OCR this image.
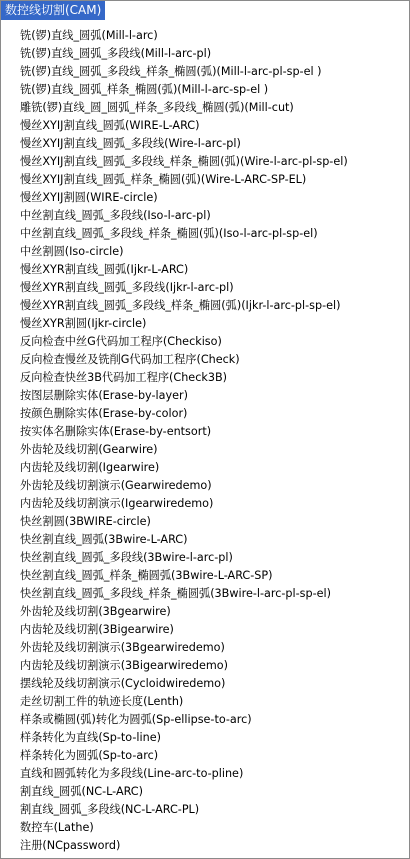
数控线切割(CAM)
铣(锣)直线_圆弧(Mill-l-arc)
铣(锣)直线_圆弧_多段线(Mill-l-arc-pl)
铣(锣)直线_圆弧_多段线_样条_椭圆(弧)(Mill-l-arc-pl-sp-el )
铣(锣)直线_圆弧_样条_椭圆(弧)(Mill-l-arc-sp-el )
雕铣(锣)直线_圆_圆弧_样条_多段线_椭圆(弧)(Mill-cut)
慢丝XYIJ割直线_圆弧(WIRE-L-ARC)
慢丝XYIJ割直线_圆弧_多段线(Wire-l-arc-pl)
慢丝XYIJ割直线_圆弧_多段线_样条_椭圆(弧)(Wire-l-arc-pl-sp-el)
慢丝XYIJ割直线_圆弧_样条_椭圆(弧)(Wire-L-ARC-SP-EL)
慢丝XYIJ割圆(WIRE-circle)
中丝割直线_圆弧_多段线(Iso-l-arc-pl)
中丝割直线_圆弧_多段线_样条_椭圆(弧)(Iso-l-arc-pl-sp-el)
中丝割圆(Iso-circle)
慢丝XYR割直线_圆弧(Ijkr-L-ARC)
慢丝XYR割直线_圆弧_多段线(Ijkr-l-arc-pl)
慢丝XYR割直线_圆弧_多段线_样条_椭圆(弧)(Ijkr-l-arc-pl-sp-el)
慢丝XYR割圆(Ijkr-circle)
反向检查中丝G代码加工程序(Checkiso)
反向检查慢丝及铣削G代码加工程序(Check)
反向检查快丝3B代码加工程序(Check3B)
按图层删除实体(Erase-by-layer)
按颜色删除实体(Erase-by-color)
按实体名删除实体(Erase-by-entsort)
外齿轮及线切割(Gearwire)
内齿轮及线切割(Igearwire)
外齿轮及线切割演示(Gearwiredemo)
内齿轮及线切割演示(Igearwiredemo)
快丝割圆(3BWIRE-circle)
快丝割直线_圆弧(3Bwire-L-ARC)
快丝割直线_圆弧_多段线(3Bwire-l-arc-pl)
快丝割直线_圆弧_样条_椭圆弧(3Bwire-L-ARC-SP)
快丝割直线_圆弧_多段线_样条_椭圆弧(3Bwire-l-arc-pl-sp-el)
外齿轮及线切割(3Bgearwire)
内齿轮及线切割(3Bigearwire)
外齿轮及线切割演示(3Bgearwiredemo)
内齿轮及线切割演示(3Bigearwiredemo)
摆线轮及线切割演示(Cycloidwiredemo)
走丝切割工件的轨迹长度(Lenth)
样条或椭圆(弧)转化为圆弧(Sp-ellipse-to-arc)
样条转化为直线(Sp-to-line)
样条转化为圆弧(Sp-to-arc)
直线和圆弧转化为多段线(Line-arc-to-pline)
割直线_圆弧(NC-L-ARC)
割直线_圆弧_多段线(NC-L-ARC-PL)
数控车(Lathe)
注册(NCpassword)
